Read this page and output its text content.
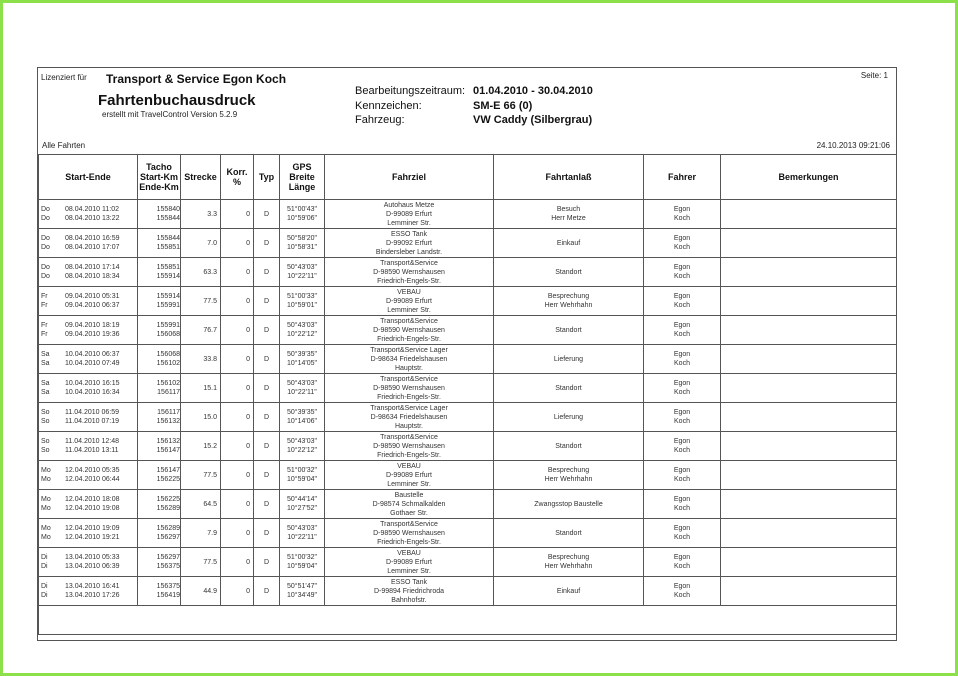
Lizenziert für Transport & Service Egon Koch	Seite: 1
Fahrtenbuchausdruck
erstellt mit TravelControl Version 5.2.9
Bearbeitungszeitraum: 01.04.2010 - 30.04.2010
Kennzeichen:	SM-E 66 (0)
Fahrzeug:	VW Caddy (Silbergrau)
Alle Fahrten	24.10.2013 09:21:06
Start-Ende	Tacho
Start-Km
Ende-Km	Strecke	Korr.
%	Typ	GPS
Breite
Länge	Fahrziel	Fahrtanlaß	Fahrer	Bemerkungen

Do 08.04.2010 11:02
Do 08.04.2010 13:22	155840
155844	3.3	0	D	51°00'43"
10°59'06"	Autohaus Metze
D-99089 Erfurt
Lemminer Str.	Besuch
Herr Metze	Egon
Koch	

Do 08.04.2010 16:59
Do 08.04.2010 17:07	155844
155851	7.0	0	D	50°58'20"
10°58'31"	ESSO Tank
D-99092 Erfurt
Bindersleber Landstr.	Einkauf	Egon
Koch	

Do 08.04.2010 17:14
Do 08.04.2010 18:34	155851
155914	63.3	0	D	50°43'03"
10°22'11"	Transport&Service
D-98590 Wernshausen
Friedrich-Engels-Str.	Standort	Egon
Koch	

Fr 09.04.2010 05:31
Fr 09.04.2010 06:37	155914
155991	77.5	0	D	51°00'33"
10°59'01"	VEBAU
D-99089 Erfurt
Lemminer Str.	Besprechung
Herr Wehrhahn	Egon
Koch	

Fr 09.04.2010 18:19
Fr 09.04.2010 19:36	155991
156068	76.7	0	D	50°43'03"
10°22'12"	Transport&Service
D-98590 Wernshausen
Friedrich-Engels-Str.	Standort	Egon
Koch	

Sa 10.04.2010 06:37
Sa 10.04.2010 07:49	156068
156102	33.8	0	D	50°39'35"
10°14'05"	Transport&Service Lager
D-98634 Friedelshausen
Hauptstr.	Lieferung	Egon
Koch	

Sa 10.04.2010 16:15
Sa 10.04.2010 16:34	156102
156117	15.1	0	D	50°43'03"
10°22'11"	Transport&Service
D-98590 Wernshausen
Friedrich-Engels-Str.	Standort	Egon
Koch	

So 11.04.2010 06:59
So 11.04.2010 07:19	156117
156132	15.0	0	D	50°39'35"
10°14'06"	Transport&Service Lager
D-98634 Friedelshausen
Hauptstr.	Lieferung	Egon
Koch	

So 11.04.2010 12:48
So 11.04.2010 13:11	156132
156147	15.2	0	D	50°43'03"
10°22'12"	Transport&Service
D-98590 Wernshausen
Friedrich-Engels-Str.	Standort	Egon
Koch	

Mo 12.04.2010 05:35
Mo 12.04.2010 06:44	156147
156225	77.5	0	D	51°00'32"
10°59'04"	VEBAU
D-99089 Erfurt
Lemminer Str.	Besprechung
Herr Wehrhahn	Egon
Koch	

Mo 12.04.2010 18:08
Mo 12.04.2010 19:08	156225
156289	64.5	0	D	50°44'14"
10°27'52"	Baustelle
D-98574 Schmalkalden
Gothaer Str.	Zwangsstop Baustelle	Egon
Koch	

Mo 12.04.2010 19:09
Mo 12.04.2010 19:21	156289
156297	7.9	0	D	50°43'03"
10°22'11"	Transport&Service
D-98590 Wernshausen
Friedrich-Engels-Str.	Standort	Egon
Koch	

Di 13.04.2010 05:33
Di 13.04.2010 06:39	156297
156375	77.5	0	D	51°00'32"
10°59'04"	VEBAU
D-99089 Erfurt
Lemminer Str.	Besprechung
Herr Wehrhahn	Egon
Koch	

Di 13.04.2010 16:41
Di 13.04.2010 17:26	156375
156419	44.9	0	D	50°51'47"
10°34'49"	ESSO Tank
D-99894 Friedrichroda
Bahnhofstr.	Einkauf	Egon
Koch	
